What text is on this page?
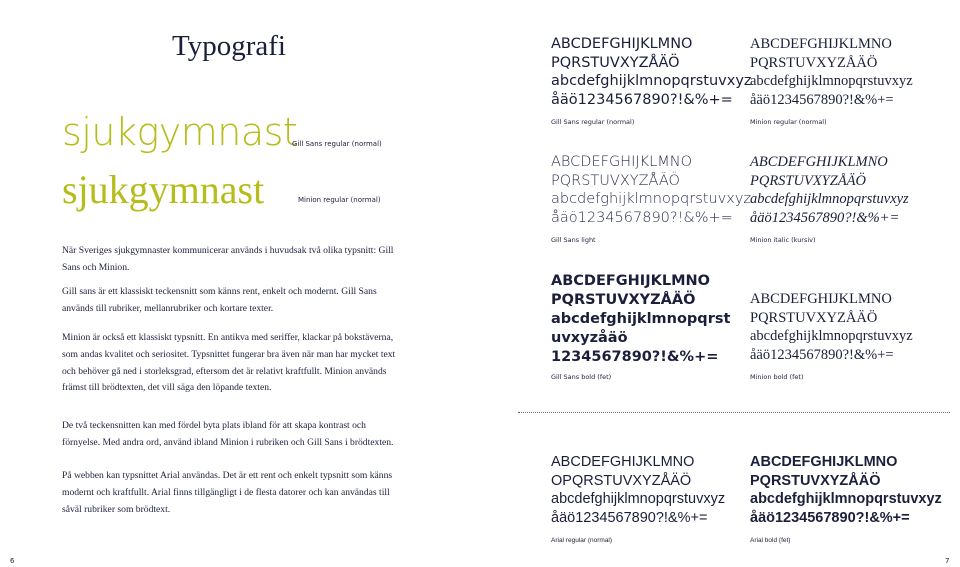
Typografi
sjukgymnast
Gill Sans regular (normal)
sjukgymnast	Minion regular (normal)

När Sveriges sjukgymnaster kommunicerar används i huvudsak två olika typsnitt: Gill Sans och Minion.

Gill sans är ett klassiskt teckensnitt som känns rent, enkelt och modernt. Gill Sans används till rubriker, mellanrubriker och kortare texter.

Minion är också ett klassiskt typsnitt. En antikva med seriffer, klackar på bokstäverna, som andas kvalitet och seriositet. Typsnittet fungerar bra även när man har mycket text och behöver gå ned i storleksgrad, eftersom det är relativt kraftfullt. Minion används främst till brödtexten, det vill säga den löpande texten.

De två teckensnitten kan med fördel byta plats ibland för att skapa kontrast och förnyelse. Med andra ord, använd ibland Minion i rubriken och Gill Sans i brödtexten.

På webben kan typsnittet Arial användas. Det är ett rent och enkelt typsnitt som känns modernt och kraftfullt. Arial finns tillgängligt i de flesta datorer och kan användas till såväl rubriker som brödtext.

ABCDEFGHIJKLMNO
PQRSTUVXYZÅÄÖ
abcdefghijklmnopqrstuvxyz
åäö1234567890?!&%+=
Gill Sans regular (normal)
ABCDEFGHIJKLMNO
PQRSTUVXYZÅÄÖ
abcdefghijklmnopqrstuvxyz
åäö1234567890?!&%+=
Gill Sans light
ABCDEFGHIJKLMNO
PQRSTUVXYZÅÄÖ
abcdefghijklmnopqrst
uvxyzåäö
1234567890?!&%+=
Gill Sans bold (fet)
ABCDEFGHIJKLMNO
OPQRSTUVXYZÅÄÖ
abcdefghijklmnopqrstuvxyz
åäö1234567890?!&%+=
Arial regular (normal)
ABCDEFGHIJKLMNO
PQRSTUVXYZÅÄÖ
abcdefghijklmnopqrstuvxyz
åäö1234567890?!&%+=
Minion regular (normal)
ABCDEFGHIJKLMNO
PQRSTUVXYZÅÄÖ
abcdefghijklmnopqrstuvxyz
åäö1234567890?!&%+=
Minion italic (kursiv)
ABCDEFGHIJKLMNO
PQRSTUVXYZÅÄÖ
abcdefghijklmnopqrstuvxyz
åäö1234567890?!&%+=
Minion bold (fet)
ABCDEFGHIJKLMNO
PQRSTUVXYZÅÄÖ
abcdefghijklmnopqrstuvxyz
åäö1234567890?!&%+=
Arial bold (fet)
6	7
